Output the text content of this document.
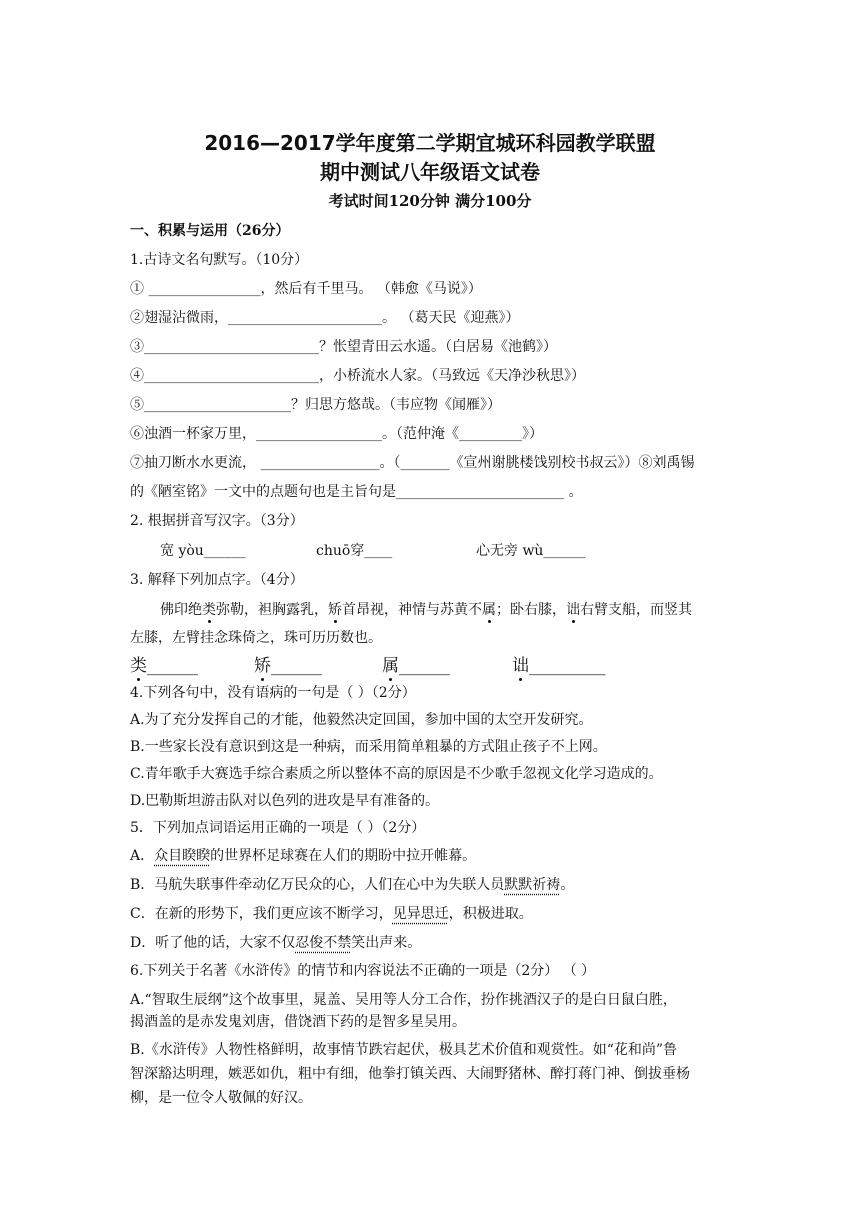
2016—2017学年度第二学期宜城环科园教学联盟
期中测试八年级语文试卷
考试时间120分钟 满分100分
一、积累与运用（26分）
1.古诗文名句默写。（10分）
① ________________，然后有千里马。 （韩愈《马说》）
②翅湿沾微雨，______________________。 （葛天民《迎燕》）
③_________________________？怅望青田云水遥。（白居易《池鹤》）
④_________________________，小桥流水人家。（马致远《天净沙秋思》）
⑤_____________________？归思方悠哉。（韦应物《闻雁》）
⑥浊酒一杯家万里，__________________。（范仲淹《_________》）
⑦抽刀断水水更流， _________________。（_______《宣州谢朓楼饯别校书叔云》）⑧刘禹锡
的《陋室铭》一文中的点题句也是主旨句是________________________ 。
2. 根据拼音写汉字。（3分）
宽 yòu______	chuō穿____	心无旁 wù______
3. 解释下列加点字。（4分）
佛印绝类弥勒，袒胸露乳，矫首昂视，神情与苏黄不属；卧右膝，诎右臂支船，而竖其
左膝，左臂挂念珠倚之，珠可历历数也。
类______	矫______	属______	诎_________
4.下列各句中，没有语病的一句是（ ）（2分）
A.为了充分发挥自己的才能，他毅然决定回国，参加中国的太空开发研究。
B.一些家长没有意识到这是一种病，而采用简单粗暴的方式阻止孩子不上网。
C.青年歌手大赛选手综合素质之所以整体不高的原因是不少歌手忽视文化学习造成的。
D.巴勒斯坦游击队对以色列的进攻是早有准备的。
5．下列加点词语运用正确的一项是（ ）（2分）
A．众目睽睽的世界杯足球赛在人们的期盼中拉开帷幕。
B．马航失联事件牵动亿万民众的心，人们在心中为失联人员默默祈祷。
C．在新的形势下，我们更应该不断学习，见异思迁，积极进取。
D．听了他的话，大家不仅忍俊不禁笑出声来。
6.下列关于名著《水浒传》的情节和内容说法不正确的一项是（2分） （ ）
A.“智取生辰纲”这个故事里，晁盖、吴用等人分工合作，扮作挑酒汉子的是白日鼠白胜，
揭酒盖的是赤发鬼刘唐，借饶酒下药的是智多星吴用。
B.《水浒传》人物性格鲜明，故事情节跌宕起伏，极具艺术价值和观赏性。如“花和尚”鲁
智深豁达明理，嫉恶如仇，粗中有细，他拳打镇关西、大闹野猪林、醉打蒋门神、倒拔垂杨
柳，是一位令人敬佩的好汉。
